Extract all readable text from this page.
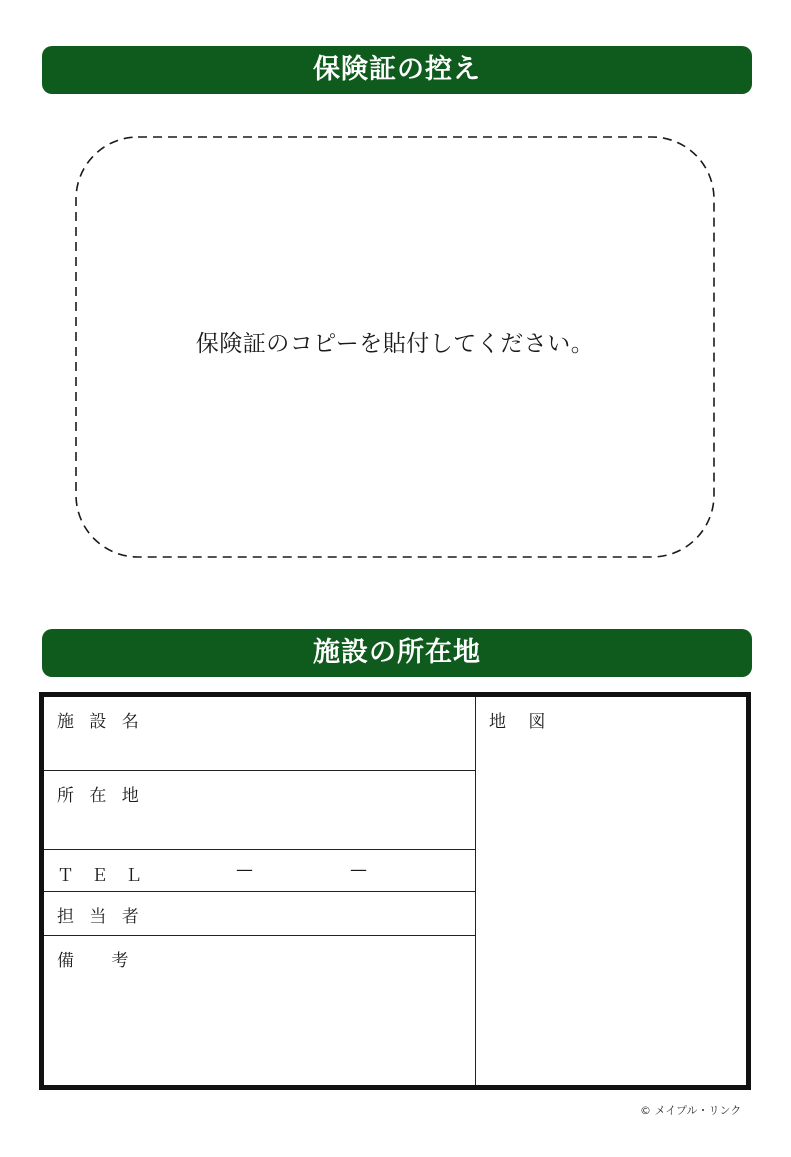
保険証の控え
保険証のコピーを貼付してください。
施設の所在地
施 設 名
所 在 地
Ｔ　Ｅ　Ｌ	—	—
担 当 者
備　 考
地　 図
© メイプル・リンク
